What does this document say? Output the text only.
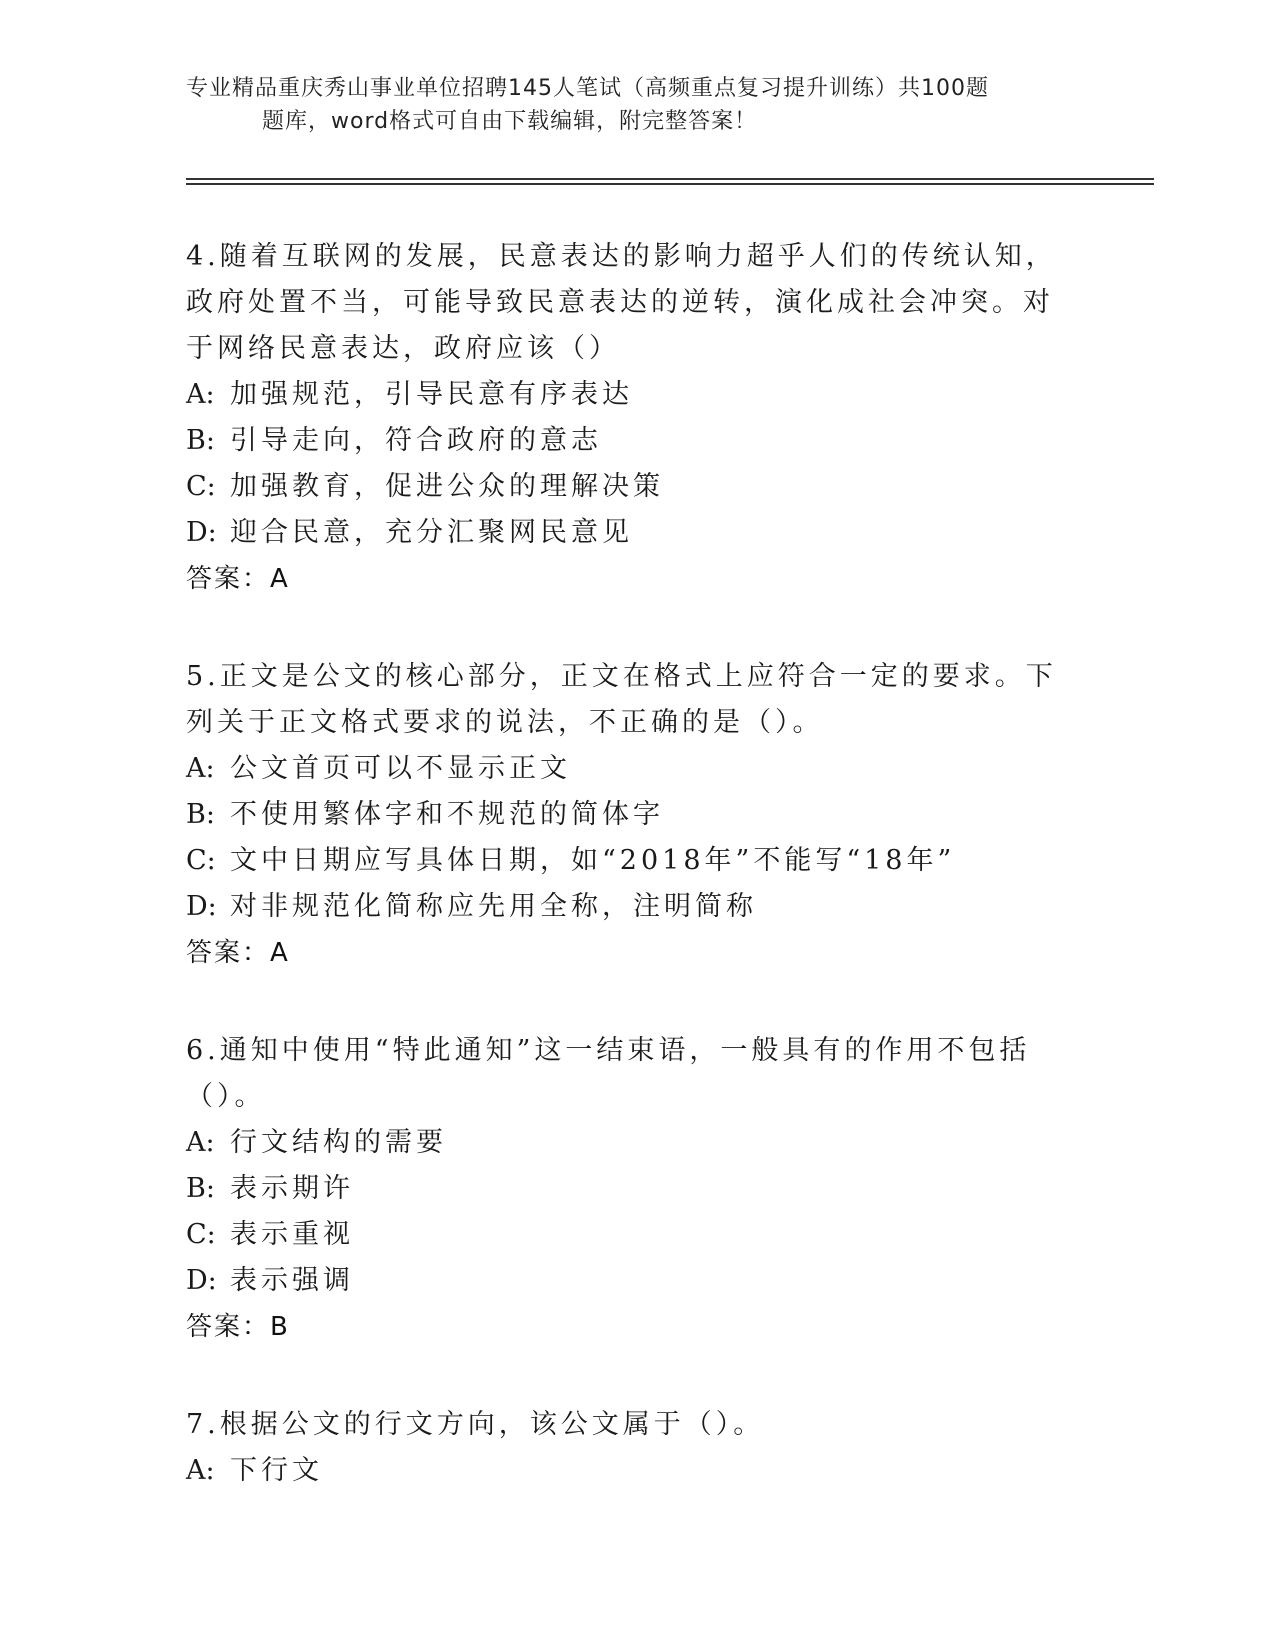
专业精品重庆秀山事业单位招聘145人笔试（高频重点复习提升训练）共100题
题库，word格式可自由下载编辑，附完整答案！

4.随着互联网的发展，民意表达的影响力超乎人们的传统认知，政府处置不当，可能导致民意表达的逆转，演化成社会冲突。对于网络民意表达，政府应该（）

A: 加强规范，引导民意有序表达

B: 引导走向，符合政府的意志

C: 加强教育，促进公众的理解决策

D: 迎合民意，充分汇聚网民意见

答案：A

5.正文是公文的核心部分，正文在格式上应符合一定的要求。下列关于正文格式要求的说法，不正确的是（）。

A: 公文首页可以不显示正文

B: 不使用繁体字和不规范的简体字

C: 文中日期应写具体日期，如“2018年”不能写“18年”

D: 对非规范化简称应先用全称，注明简称

答案：A

6.通知中使用“特此通知”这一结束语，一般具有的作用不包括（）。

A: 行文结构的需要

B: 表示期许

C: 表示重视

D: 表示强调

答案：B

7.根据公文的行文方向，该公文属于（）。

A: 下行文
